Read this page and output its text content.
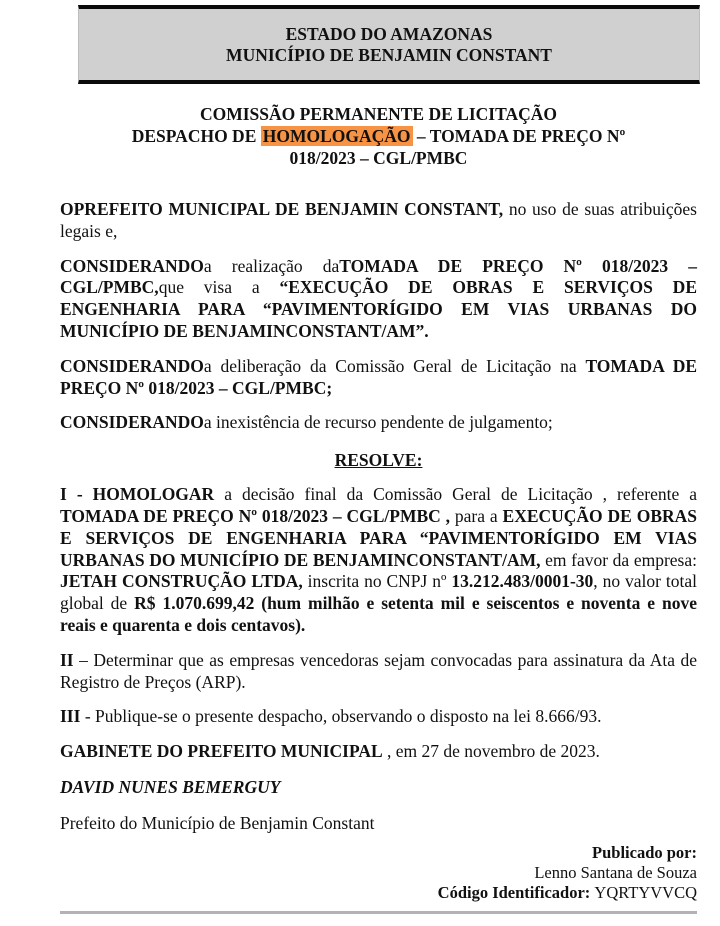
ESTADO DO AMAZONAS
MUNICÍPIO DE BENJAMIN CONSTANT
COMISSÃO PERMANENTE DE LICITAÇÃO
DESPACHO DE HOMOLOGAÇÃO – TOMADA DE PREÇO Nº
018/2023 – CGL/PMBC

OPREFEITO MUNICIPAL DE BENJAMIN CONSTANT, no uso de suas atribuições legais e,

CONSIDERANDOa realização daTOMADA DE PREÇO Nº 018/2023 – CGL/PMBC,que visa a “EXECUÇÃO DE OBRAS E SERVIÇOS DE ENGENHARIA PARA “PAVIMENTORÍGIDO EM VIAS URBANAS DO MUNICÍPIO DE BENJAMINCONSTANT/AM”.

CONSIDERANDOa deliberação da Comissão Geral de Licitação na TOMADA DE PREÇO Nº 018/2023 – CGL/PMBC;

CONSIDERANDOa inexistência de recurso pendente de julgamento;

RESOLVE:

I - HOMOLOGAR a decisão final da Comissão Geral de Licitação , referente a TOMADA DE PREÇO Nº 018/2023 – CGL/PMBC , para a EXECUÇÃO DE OBRAS E SERVIÇOS DE ENGENHARIA PARA “PAVIMENTORÍGIDO EM VIAS URBANAS DO MUNICÍPIO DE BENJAMINCONSTANT/AM, em favor da empresa: JETAH CONSTRUÇÃO LTDA, inscrita no CNPJ nº 13.212.483/0001-30, no valor total global de R$ 1.070.699,42 (hum milhão e setenta mil e seiscentos e noventa e nove reais e quarenta e dois centavos).

II – Determinar que as empresas vencedoras sejam convocadas para assinatura da Ata de Registro de Preços (ARP).

III - Publique-se o presente despacho, observando o disposto na lei 8.666/93.

GABINETE DO PREFEITO MUNICIPAL , em 27 de novembro de 2023.

DAVID NUNES BEMERGUY

Prefeito do Município de Benjamin Constant

Publicado por:
Lenno Santana de Souza
Código Identificador: YQRTYVVCQ
